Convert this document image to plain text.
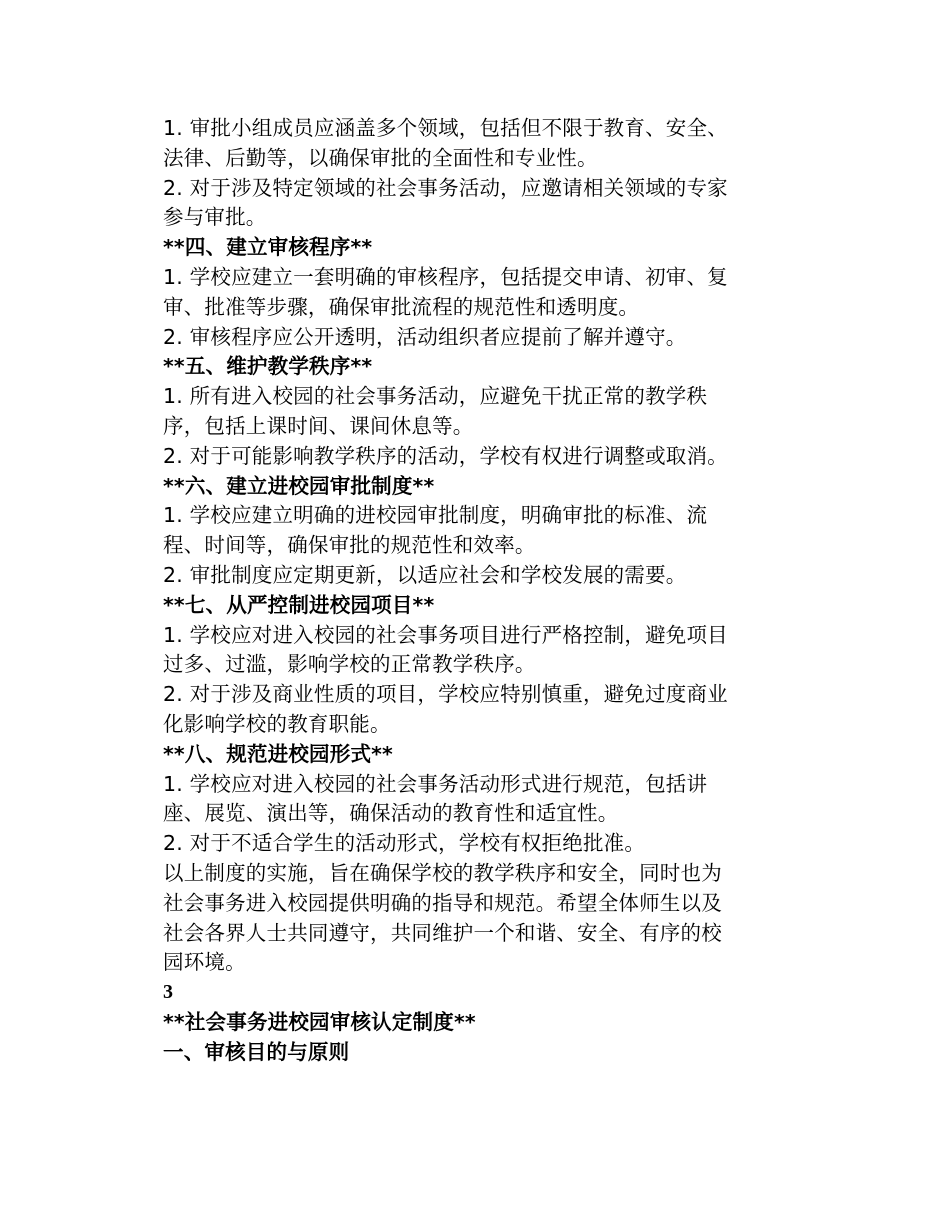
1. 审批小组成员应涵盖多个领域，包括但不限于教育、安全、
法律、后勤等，以确保审批的全面性和专业性。
2. 对于涉及特定领域的社会事务活动，应邀请相关领域的专家
参与审批。
**四、建立审核程序**
1. 学校应建立一套明确的审核程序，包括提交申请、初审、复
审、批准等步骤，确保审批流程的规范性和透明度。
2. 审核程序应公开透明，活动组织者应提前了解并遵守。
**五、维护教学秩序**
1. 所有进入校园的社会事务活动，应避免干扰正常的教学秩
序，包括上课时间、课间休息等。
2. 对于可能影响教学秩序的活动，学校有权进行调整或取消。
**六、建立进校园审批制度**
1. 学校应建立明确的进校园审批制度，明确审批的标准、流
程、时间等，确保审批的规范性和效率。
2. 审批制度应定期更新，以适应社会和学校发展的需要。
**七、从严控制进校园项目**
1. 学校应对进入校园的社会事务项目进行严格控制，避免项目
过多、过滥，影响学校的正常教学秩序。
2. 对于涉及商业性质的项目，学校应特别慎重，避免过度商业
化影响学校的教育职能。
**八、规范进校园形式**
1. 学校应对进入校园的社会事务活动形式进行规范，包括讲
座、展览、演出等，确保活动的教育性和适宜性。
2. 对于不适合学生的活动形式，学校有权拒绝批准。
以上制度的实施，旨在确保学校的教学秩序和安全，同时也为
社会事务进入校园提供明确的指导和规范。希望全体师生以及
社会各界人士共同遵守，共同维护一个和谐、安全、有序的校
园环境。
3
**社会事务进校园审核认定制度**
一、审核目的与原则
